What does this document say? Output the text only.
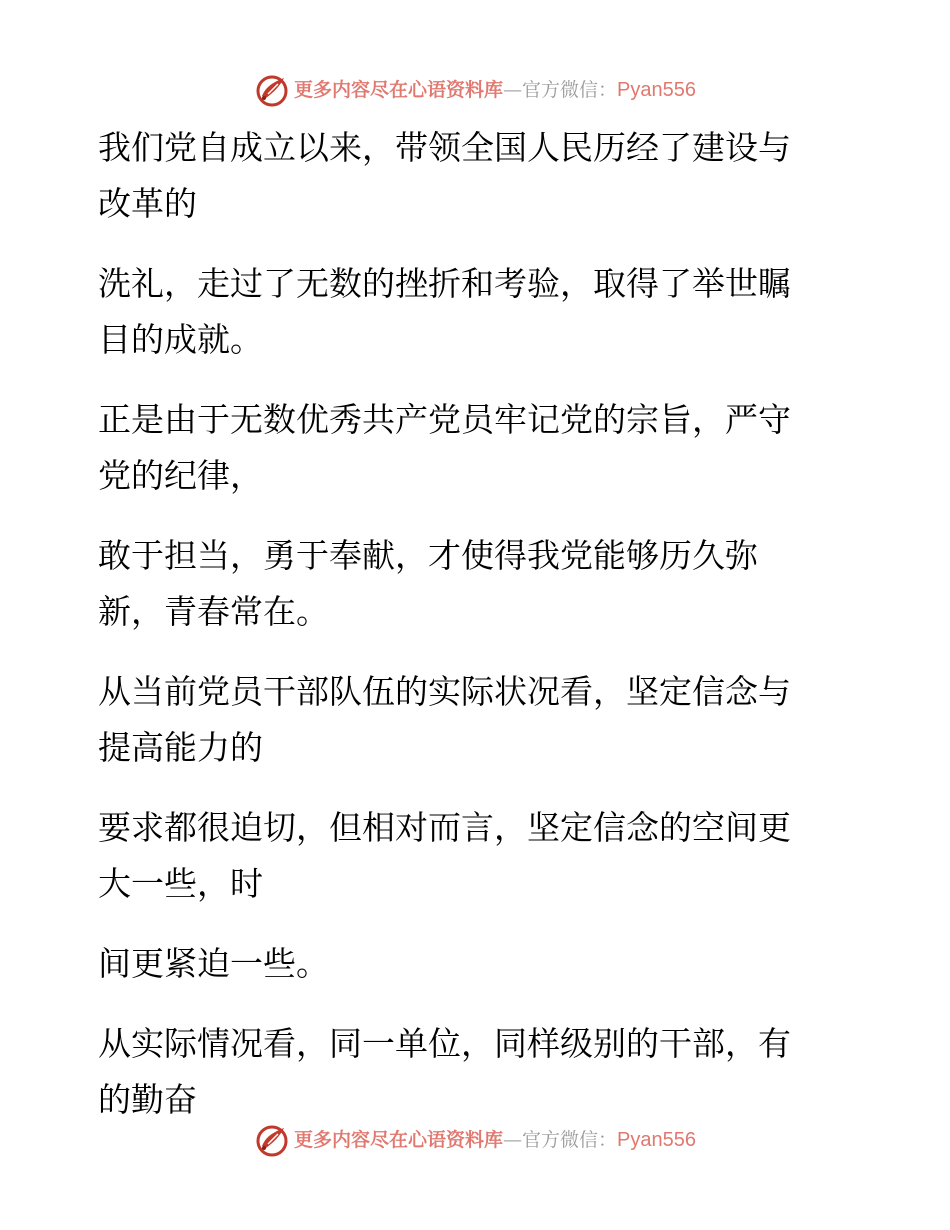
更多内容尽在心语资料库 — 官方微信： Pyan556

我们党自成立以来，带领全国人民历经了建设与
改革的

洗礼，走过了无数的挫折和考验，取得了举世瞩
目的成就。

正是由于无数优秀共产党员牢记党的宗旨，严守
党的纪律，

敢于担当，勇于奉献，才使得我党能够历久弥
新，青春常在。

从当前党员干部队伍的实际状况看，坚定信念与
提高能力的

要求都很迫切，但相对而言，坚定信念的空间更
大一些，时

间更紧迫一些。

从实际情况看，同一单位，同样级别的干部，有
的勤奋

更多内容尽在心语资料库 — 官方微信： Pyan556
